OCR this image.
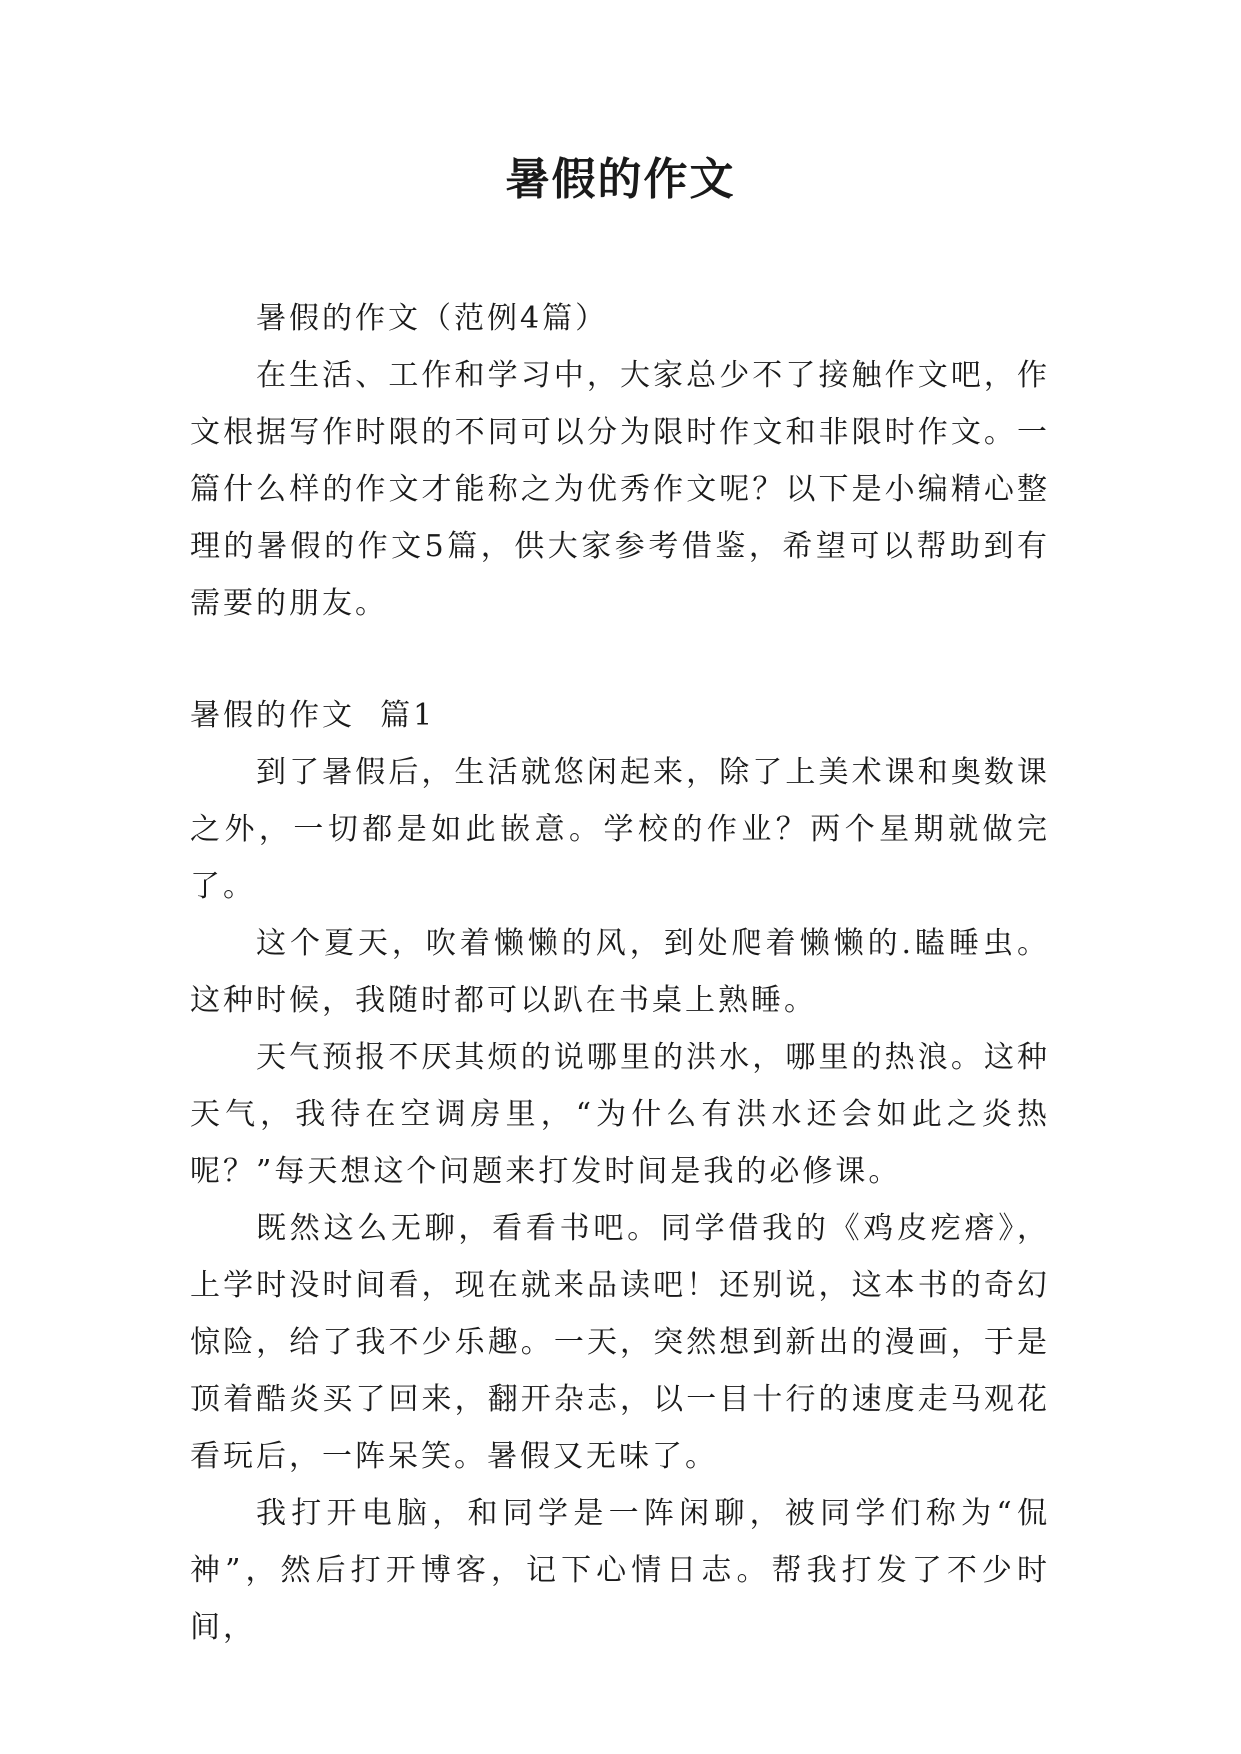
暑假的作文

暑假的作文（范例4篇）

在生活、工作和学习中，大家总少不了接触作文吧，作文根据写作时限的不同可以分为限时作文和非限时作文。一篇什么样的作文才能称之为优秀作文呢？以下是小编精心整理的暑假的作文5篇，供大家参考借鉴，希望可以帮助到有需要的朋友。

暑假的作文  篇1

到了暑假后，生活就悠闲起来，除了上美术课和奥数课之外，一切都是如此嵌意。学校的作业？两个星期就做完了。

这个夏天，吹着懒懒的风，到处爬着懒懒的.瞌睡虫。这种时候，我随时都可以趴在书桌上熟睡。

天气预报不厌其烦的说哪里的洪水，哪里的热浪。这种天气，我待在空调房里，“为什么有洪水还会如此之炎热呢？”每天想这个问题来打发时间是我的必修课。

既然这么无聊，看看书吧。同学借我的《鸡皮疙瘩》，上学时没时间看，现在就来品读吧！还别说，这本书的奇幻惊险，给了我不少乐趣。一天，突然想到新出的漫画，于是顶着酷炎买了回来，翻开杂志，以一目十行的速度走马观花看玩后，一阵呆笑。暑假又无味了。

我打开电脑，和同学是一阵闲聊，被同学们称为“侃神”，然后打开博客，记下心情日志。帮我打发了不少时间，
